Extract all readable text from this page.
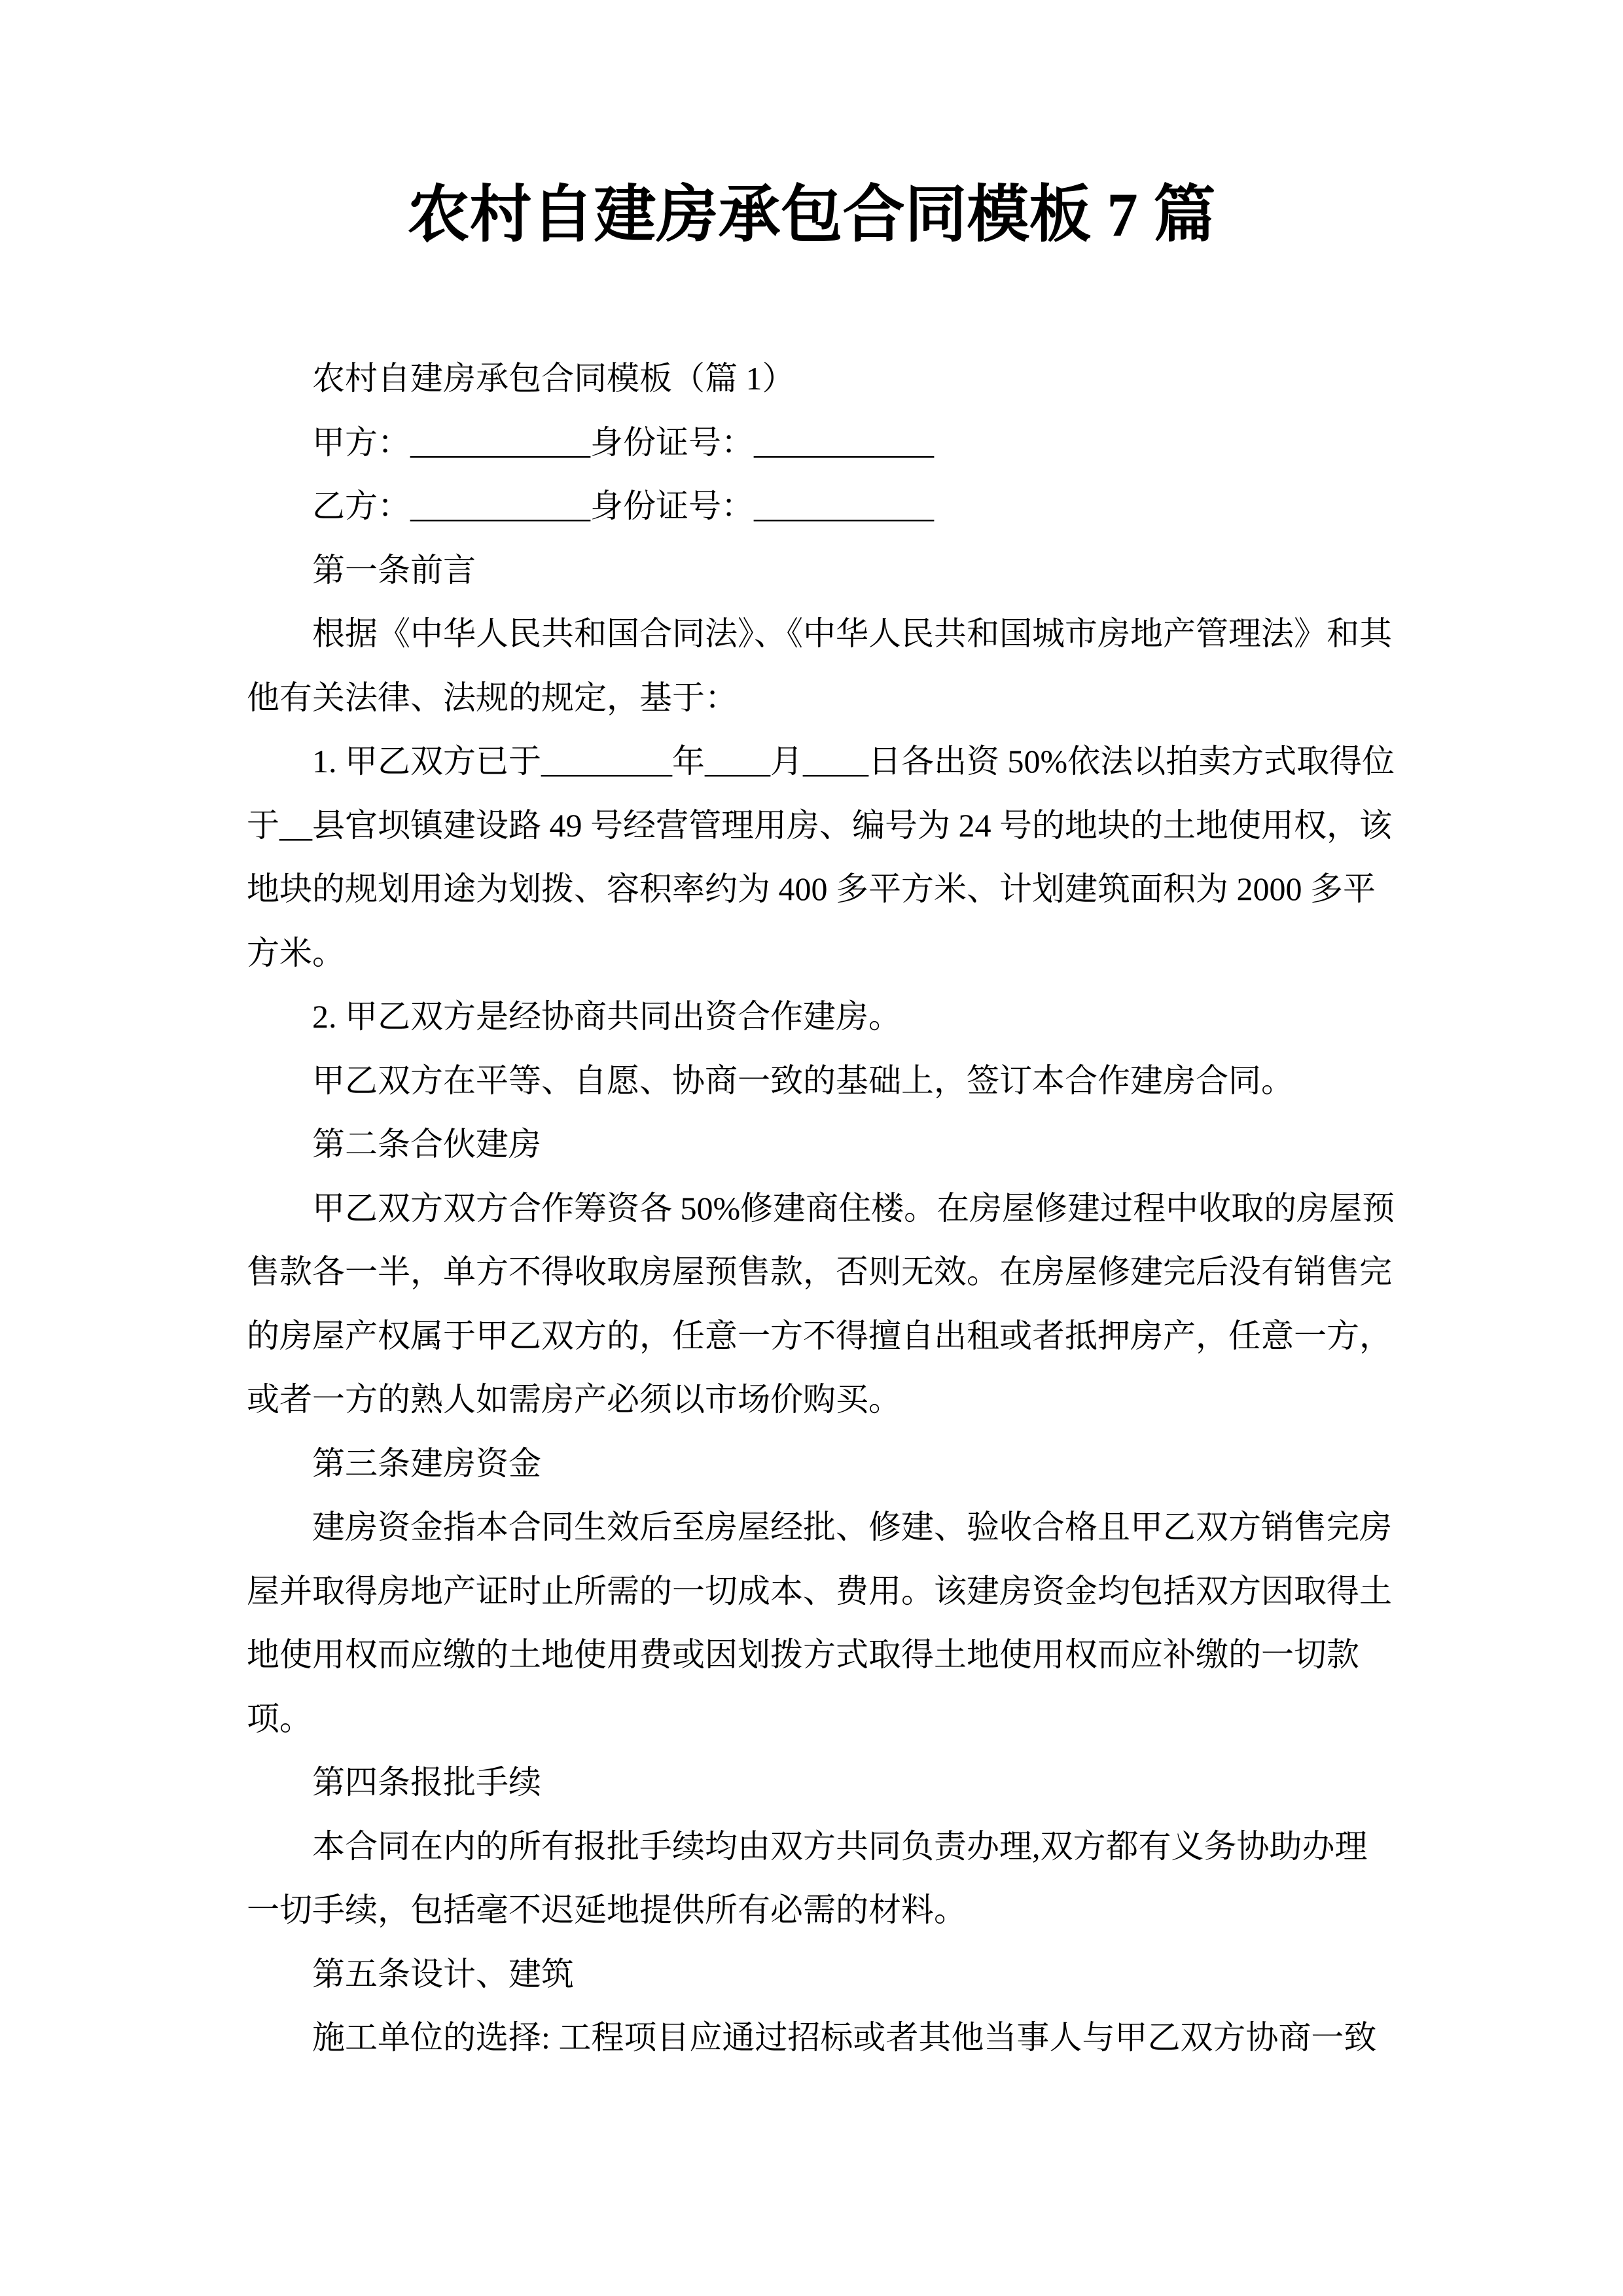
农村自建房承包合同模板 7 篇
农村自建房承包合同模板（篇 1）
甲方：___________身份证号：___________
乙方：___________身份证号：___________
第一条前言
根据《中华人民共和国合同法》、《中华人民共和国城市房地产管理法》和其
他有关法律、法规的规定，基于：
1. 甲乙双方已于________年____月____日各出资 50%依法以拍卖方式取得位
于__县官坝镇建设路 49 号经营管理用房、编号为 24 号的地块的土地使用权，该
地块的规划用途为划拨、容积率约为 400 多平方米、计划建筑面积为 2000 多平
方米。
2. 甲乙双方是经协商共同出资合作建房。
甲乙双方在平等、自愿、协商一致的基础上，签订本合作建房合同。
第二条合伙建房
甲乙双方双方合作筹资各 50%修建商住楼。在房屋修建过程中收取的房屋预
售款各一半，单方不得收取房屋预售款，否则无效。在房屋修建完后没有销售完
的房屋产权属于甲乙双方的，任意一方不得擅自出租或者抵押房产，任意一方，
或者一方的熟人如需房产必须以市场价购买。
第三条建房资金
建房资金指本合同生效后至房屋经批、修建、验收合格且甲乙双方销售完房
屋并取得房地产证时止所需的一切成本、费用。该建房资金均包括双方因取得土
地使用权而应缴的土地使用费或因划拨方式取得土地使用权而应补缴的一切款
项。
第四条报批手续
本合同在内的所有报批手续均由双方共同负责办理,双方都有义务协助办理
一切手续，包括毫不迟延地提供所有必需的材料。
第五条设计、建筑
施工单位的选择: 工程项目应通过招标或者其他当事人与甲乙双方协商一致
